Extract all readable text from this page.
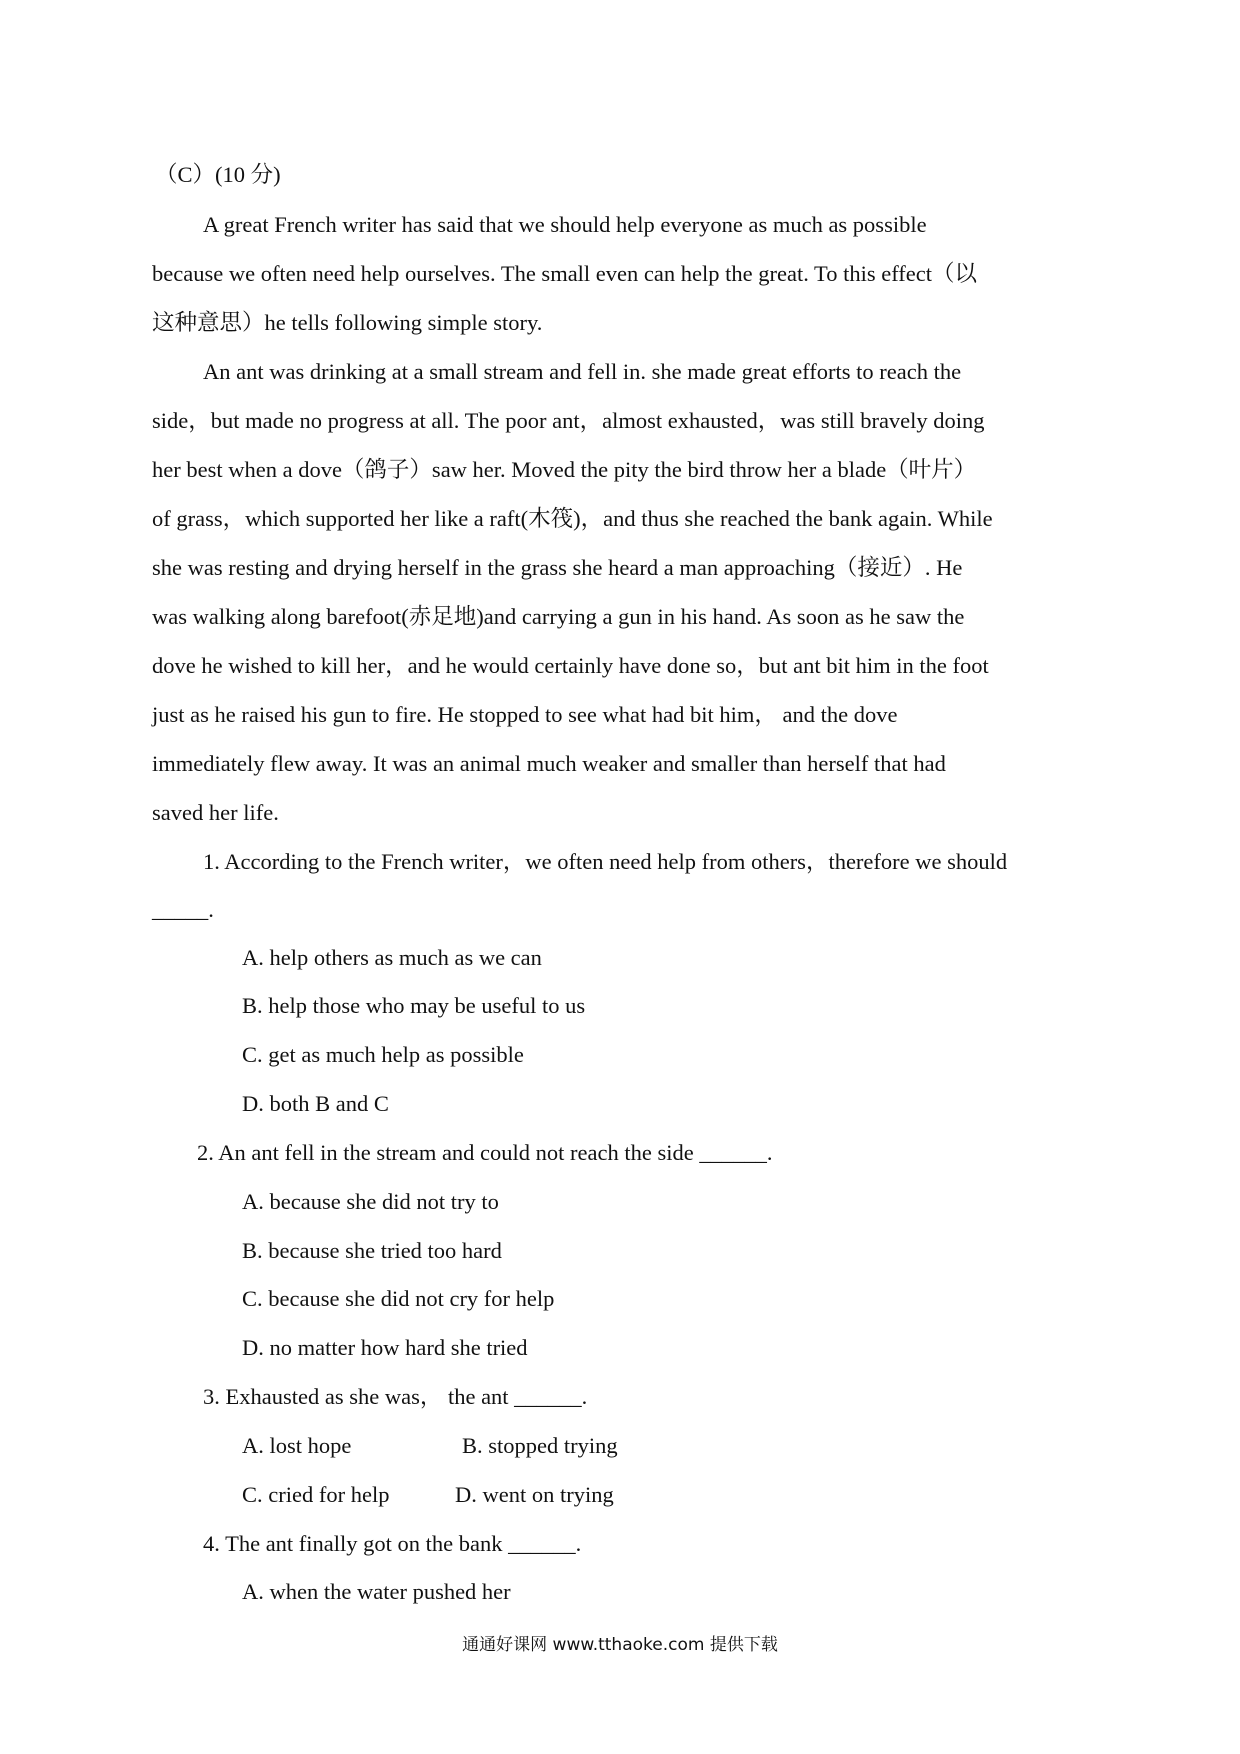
（C）(10 分)
A great French writer has said that we should help everyone as much as possible
because we often need help ourselves. The small even can help the great. To this effect（以
这种意思）he tells following simple story.
An ant was drinking at a small stream and fell in. she made great efforts to reach the
side，but made no progress at all. The poor ant，almost exhausted，was still bravely doing
her best when a dove（鸽子）saw her. Moved the pity the bird throw her a blade（叶片）
of grass，which supported her like a raft(木筏)，and thus she reached the bank again. While
she was resting and drying herself in the grass she heard a man approaching（接近）. He
was walking along barefoot(赤足地)and carrying a gun in his hand. As soon as he saw the
dove he wished to kill her，and he would certainly have done so，but ant bit him in the foot
just as he raised his gun to fire. He stopped to see what had bit him， and the dove
immediately flew away. It was an animal much weaker and smaller than herself that had
saved her life.
1. According to the French writer，we often need help from others，therefore we should
_____.
A. help others as much as we can
B. help those who may be useful to us
C. get as much help as possible
D. both B and C
2. An ant fell in the stream and could not reach the side ______.
A. because she did not try to
B. because she tried too hard
C. because she did not cry for help
D. no matter how hard she tried
3. Exhausted as she was， the ant ______.
A. lost hope	B. stopped trying
C. cried for help	D. went on trying
4. The ant finally got on the bank ______.
A. when the water pushed her
通通好课网 www.tthaoke.com 提供下载
